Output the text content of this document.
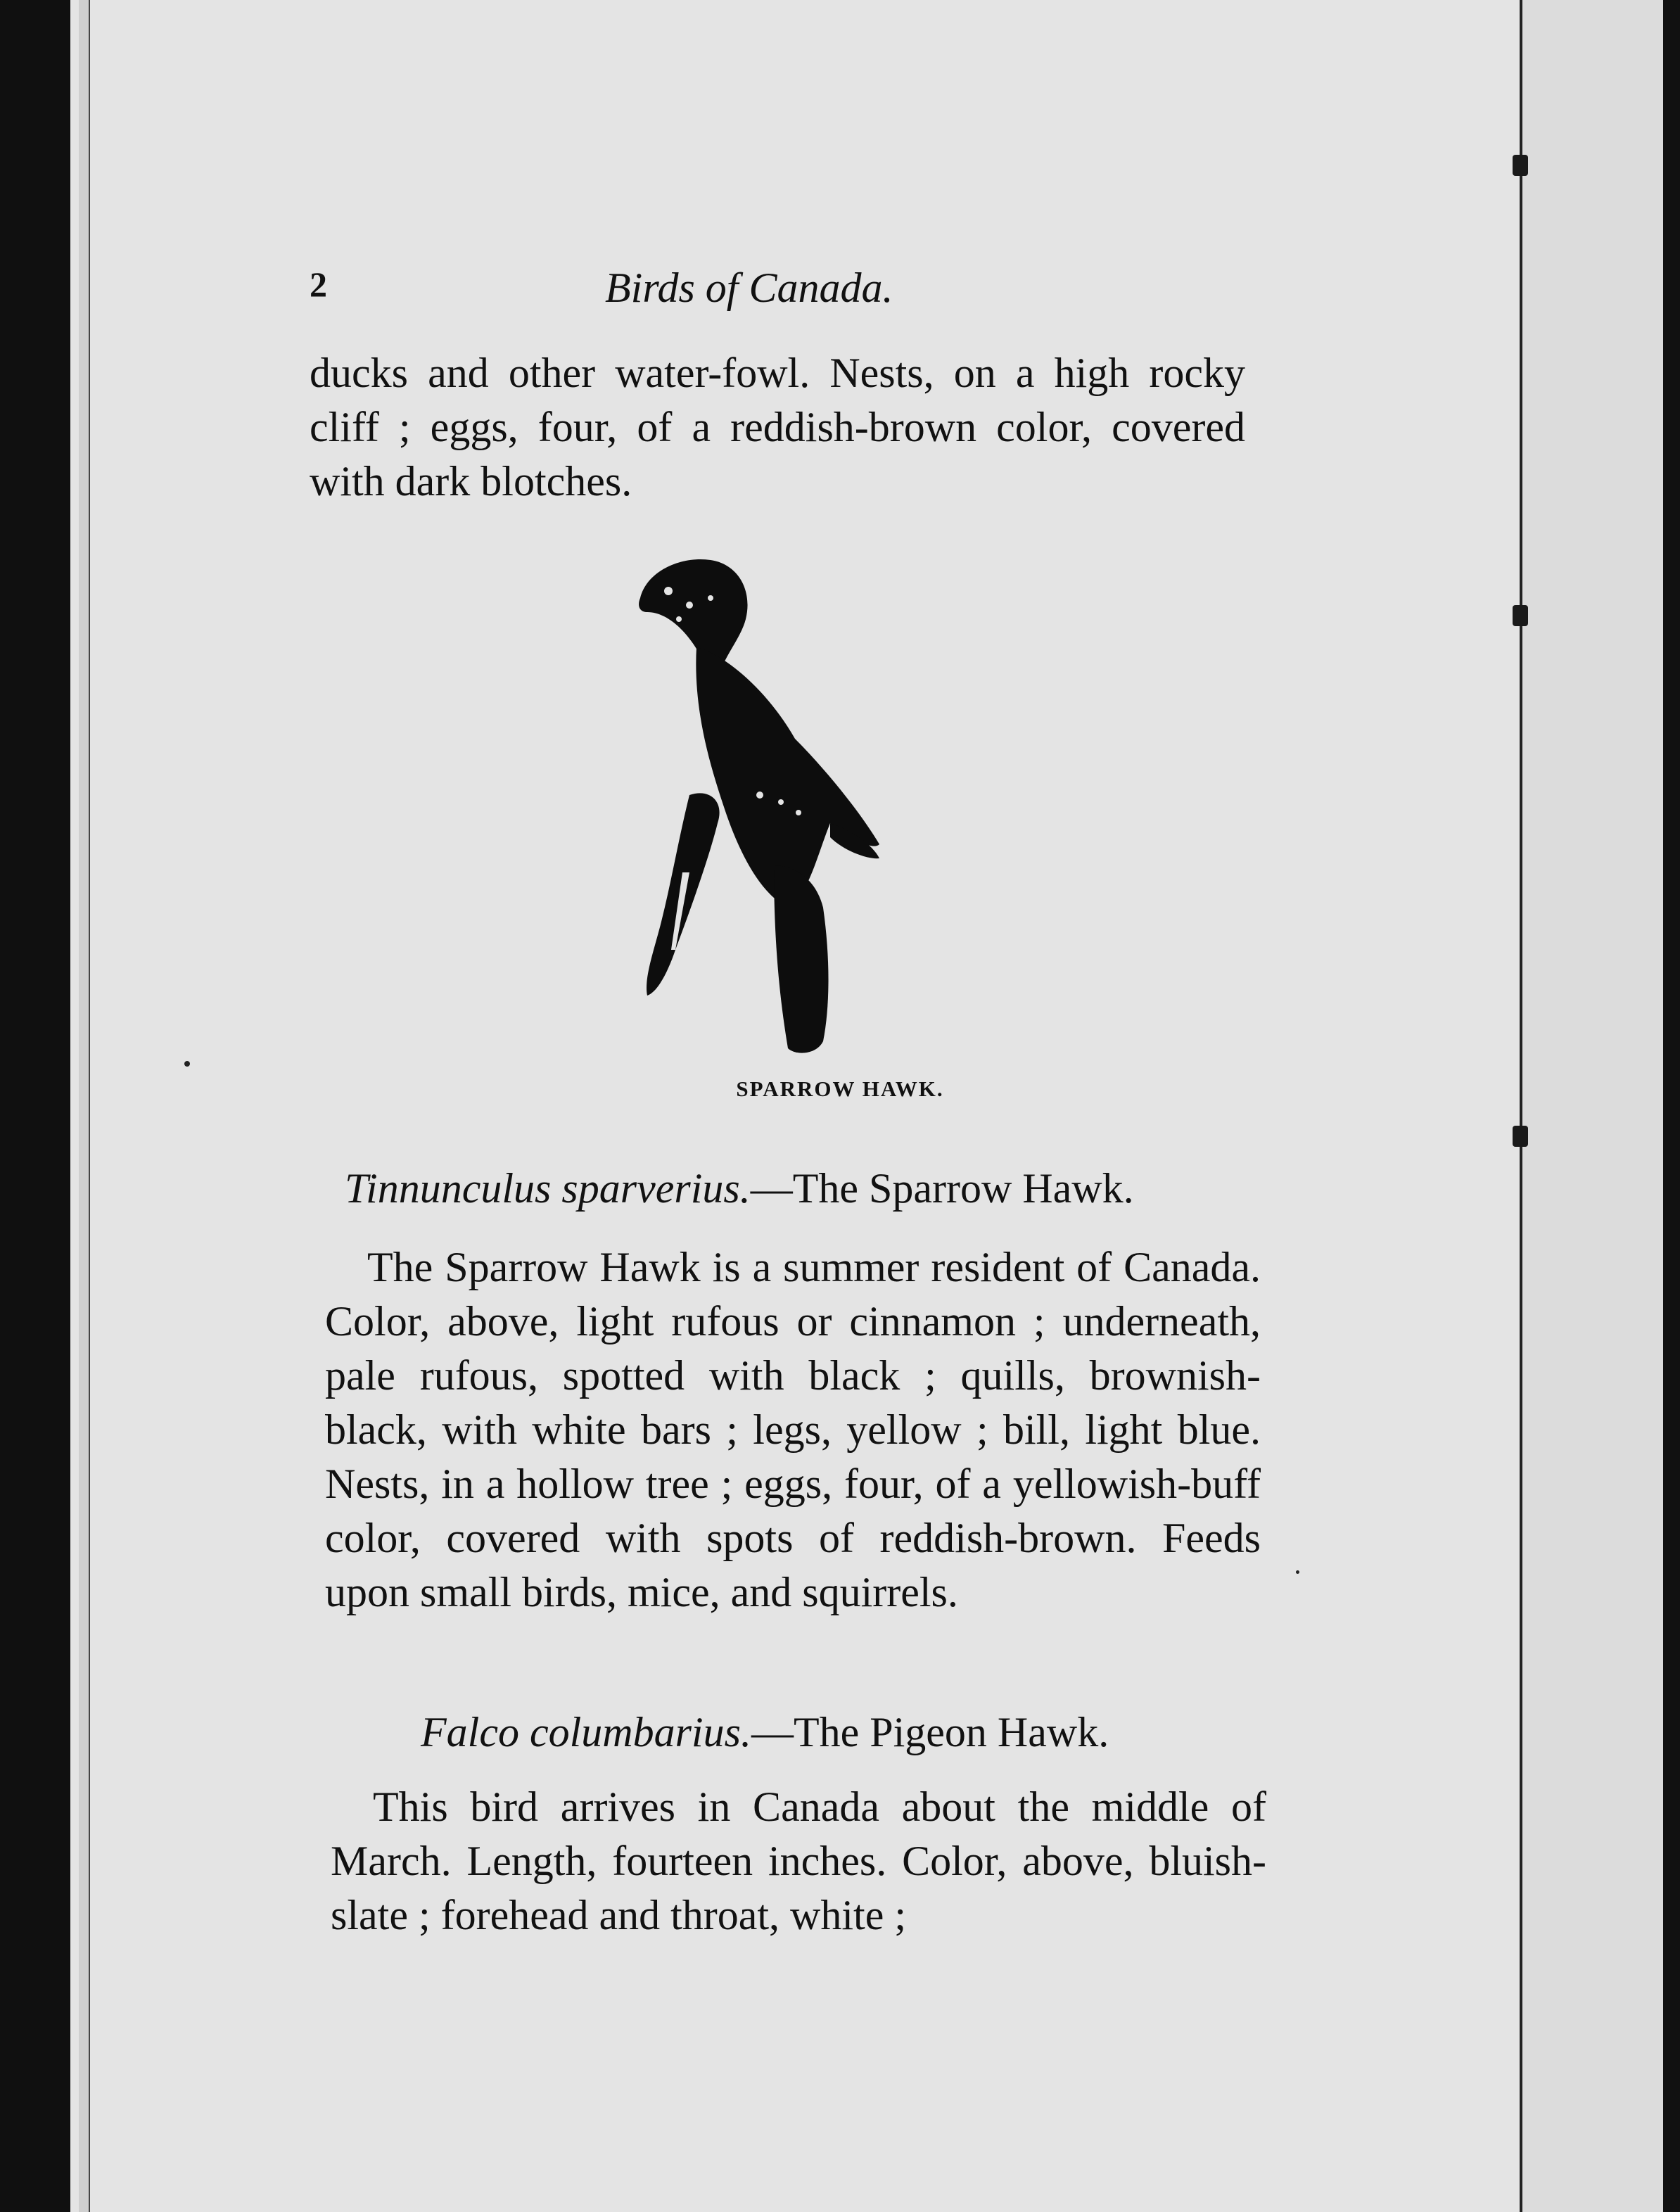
2	Birds of Canada.
ducks and other water-fowl. Nests, on a high rocky cliff ; eggs, four, of a reddish-brown color, covered with dark blotches.
SPARROW HAWK.
Tinnunculus sparverius.—The Sparrow Hawk.
The Sparrow Hawk is a summer resident of Canada. Color, above, light rufous or cinnamon ; underneath, pale rufous, spotted with black ; quills, brownish-black, with white bars ; legs, yellow ; bill, light blue. Nests, in a hollow tree ; eggs, four, of a yellowish-buff color, covered with spots of reddish-brown. Feeds upon small birds, mice, and squirrels.
Falco columbarius.—The Pigeon Hawk.
This bird arrives in Canada about the middle of March. Length, fourteen inches. Color, above, bluish-slate ; forehead and throat, white ;
